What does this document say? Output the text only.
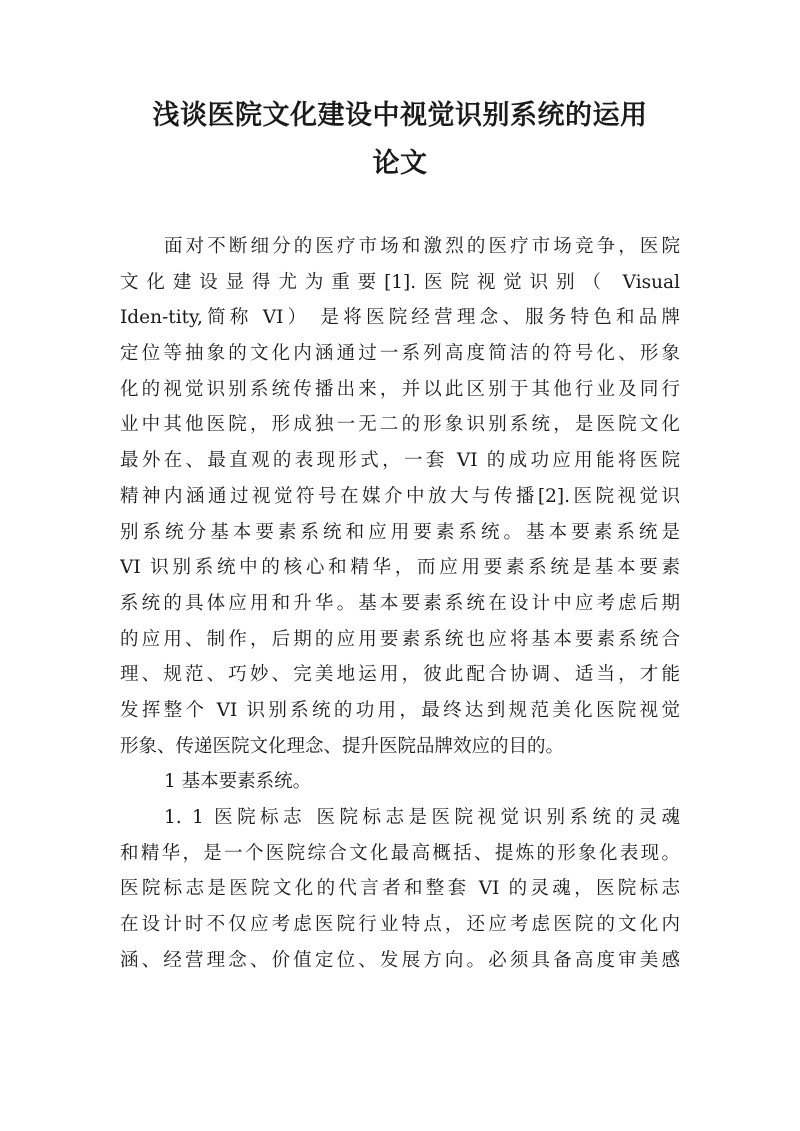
浅谈医院文化建设中视觉识别系统的运用
论文
面对不断细分的医疗市场和激烈的医疗市场竞争，医院
文化建设显得尤为重要[1].医院视觉识别（ Visual
Iden-tity,简称 VI） 是将医院经营理念、服务特色和品牌
定位等抽象的文化内涵通过一系列高度简洁的符号化、形象
化的视觉识别系统传播出来，并以此区别于其他行业及同行
业中其他医院，形成独一无二的形象识别系统，是医院文化
最外在、最直观的表现形式，一套 VI 的成功应用能将医院
精神内涵通过视觉符号在媒介中放大与传播[2].医院视觉识
别系统分基本要素系统和应用要素系统。基本要素系统是
VI 识别系统中的核心和精华，而应用要素系统是基本要素
系统的具体应用和升华。基本要素系统在设计中应考虑后期
的应用、制作，后期的应用要素系统也应将基本要素系统合
理、规范、巧妙、完美地运用，彼此配合协调、适当，才能
发挥整个 VI 识别系统的功用，最终达到规范美化医院视觉
形象、传递医院文化理念、提升医院品牌效应的目的。
1 基本要素系统。
1. 1 医院标志 医院标志是医院视觉识别系统的灵魂
和精华，是一个医院综合文化最高概括、提炼的形象化表现。
医院标志是医院文化的代言者和整套 VI 的灵魂，医院标志
在设计时不仅应考虑医院行业特点，还应考虑医院的文化内
涵、经营理念、价值定位、发展方向。必须具备高度审美感
